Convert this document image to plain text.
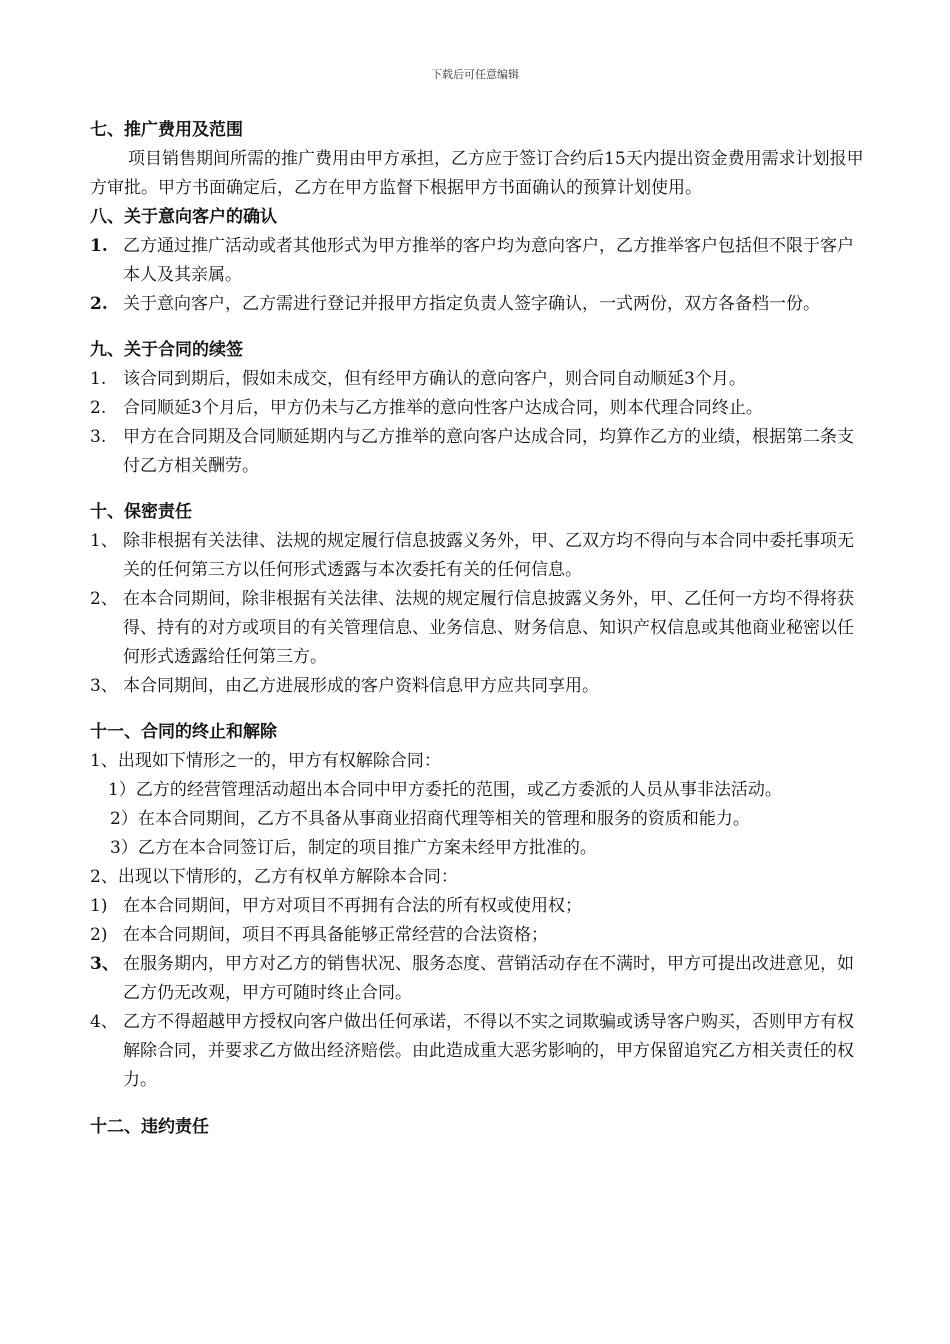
下载后可任意编辑
七、推广费用及范围

项目销售期间所需的推广费用由甲方承担，乙方应于签订合约后15天内提出资金费用需求计划报甲方审批。甲方书面确定后，乙方在甲方监督下根据甲方书面确认的预算计划使用。

八、关于意向客户的确认
1. 乙方通过推广活动或者其他形式为甲方推举的客户均为意向客户，乙方推举客户包括但不限于客户本人及其亲属。
2. 关于意向客户，乙方需进行登记并报甲方指定负责人签字确认，一式两份，双方各备档一份。
九、关于合同的续签
1. 该合同到期后，假如未成交，但有经甲方确认的意向客户，则合同自动顺延3个月。
2. 合同顺延3个月后，甲方仍未与乙方推举的意向性客户达成合同，则本代理合同终止。
3. 甲方在合同期及合同顺延期内与乙方推举的意向客户达成合同，均算作乙方的业绩，根据第二条支付乙方相关酬劳。
十、保密责任
1、 除非根据有关法律、法规的规定履行信息披露义务外，甲、乙双方均不得向与本合同中委托事项无关的任何第三方以任何形式透露与本次委托有关的任何信息。
2、 在本合同期间，除非根据有关法律、法规的规定履行信息披露义务外，甲、乙任何一方均不得将获得、持有的对方或项目的有关管理信息、业务信息、财务信息、知识产权信息或其他商业秘密以任何形式透露给任何第三方。
3、 本合同期间，由乙方进展形成的客户资料信息甲方应共同享用。
十一、合同的终止和解除

1、出现如下情形之一的，甲方有权解除合同：

1）乙方的经营管理活动超出本合同中甲方委托的范围，或乙方委派的人员从事非法活动。
2）在本合同期间，乙方不具备从事商业招商代理等相关的管理和服务的资质和能力。
3）乙方在本合同签订后，制定的项目推广方案未经甲方批准的。

2、出现以下情形的，乙方有权单方解除本合同：

1) 在本合同期间，甲方对项目不再拥有合法的所有权或使用权；
2) 在本合同期间，项目不再具备能够正常经营的合法资格；
3、 在服务期内，甲方对乙方的销售状况、服务态度、营销活动存在不满时，甲方可提出改进意见，如乙方仍无改观，甲方可随时终止合同。
4、 乙方不得超越甲方授权向客户做出任何承诺，不得以不实之词欺骗或诱导客户购买，否则甲方有权解除合同，并要求乙方做出经济赔偿。由此造成重大恶劣影响的，甲方保留追究乙方相关责任的权力。
十二、违约责任
